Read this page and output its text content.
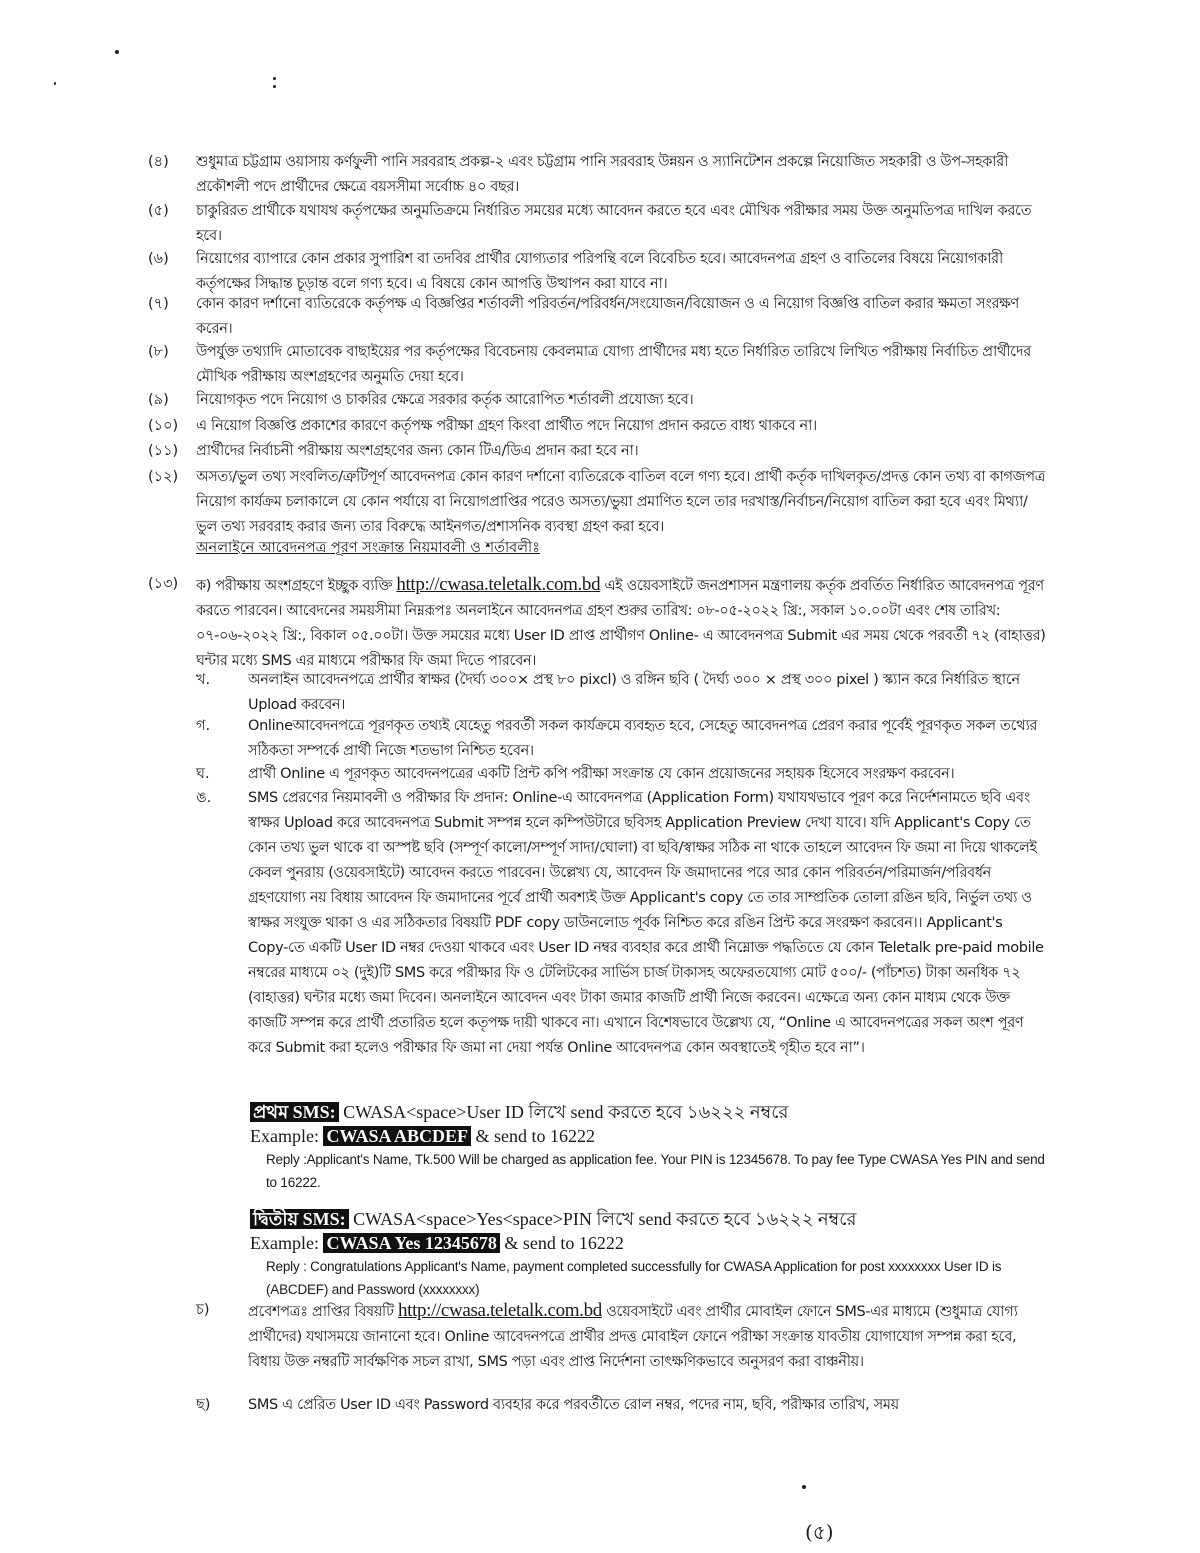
(৪)	শুধুমাত্র চট্টগ্রাম ওয়াসায় কর্ণফুলী পানি সরবরাহ প্রকল্প-২ এবং চট্টগ্রাম পানি সরবরাহ উন্নয়ন ও স্যানিটেশন প্রকল্পে নিয়োজিত সহকারী ও উপ-সহকারী প্রকৌশলী পদে প্রার্থীদের ক্ষেত্রে বয়সসীমা সর্বোচ্চ ৪০ বছর।
(৫)	চাকুরিরত প্রার্থীকে যথাযথ কর্তৃপক্ষের অনুমতিক্রমে নির্ধারিত সময়ের মধ্যে আবেদন করতে হবে এবং মৌখিক পরীক্ষার সময় উক্ত অনুমতিপত্র দাখিল করতে হবে।
(৬)	নিয়োগের ব্যাপারে কোন প্রকার সুপারিশ বা তদবির প্রার্থীর যোগ্যতার পরিপন্থি বলে বিবেচিত হবে। আবেদনপত্র গ্রহণ ও বাতিলের বিষয়ে নিয়োগকারী কর্তৃপক্ষের সিদ্ধান্ত চূড়ান্ত বলে গণ্য হবে। এ বিষয়ে কোন আপত্তি উত্থাপন করা যাবে না।
(৭)	কোন কারণ দর্শানো ব্যতিরেকে কর্তৃপক্ষ এ বিজ্ঞপ্তির শর্তাবলী পরিবর্তন/পরিবর্ধন/সংযোজন/বিয়োজন ও এ নিয়োগ বিজ্ঞপ্তি বাতিল করার ক্ষমতা সংরক্ষণ করেন।
(৮)	উপর্যুক্ত তথ্যাদি মোতাবেক বাছাইয়ের পর কর্তৃপক্ষের বিবেচনায় কেবলমাত্র যোগ্য প্রার্থীদের মধ্য হতে নির্ধারিত তারিখে লিখিত পরীক্ষায় নির্বাচিত প্রার্থীদের মৌখিক পরীক্ষায় অংশগ্রহণের অনুমতি দেয়া হবে।
(৯)	নিয়োগকৃত পদে নিয়োগ ও চাকরির ক্ষেত্রে সরকার কর্তৃক আরোপিত শর্তাবলী প্রযোজ্য হবে।
(১০)	এ নিয়োগ বিজ্ঞপ্তি প্রকাশের কারণে কর্তৃপক্ষ পরীক্ষা গ্রহণ কিংবা প্রার্থীত পদে নিয়োগ প্রদান করতে বাধ্য থাকবে না।
(১১)	প্রার্থীদের নির্বাচনী পরীক্ষায় অংশগ্রহণের জন্য কোন টিএ/ডিএ প্রদান করা হবে না।
(১২)	অসত্য/ভুল তথ্য সংবলিত/ত্রুটিপূর্ণ আবেদনপত্র কোন কারণ দর্শানো ব্যতিরেকে বাতিল বলে গণ্য হবে। প্রার্থী কর্তৃক দাখিলকৃত/প্রদত্ত কোন তথ্য বা কাগজপত্র নিয়োগ কার্যক্রম চলাকালে যে কোন পর্যায়ে বা নিয়োগপ্রাপ্তির পরেও অসত্য/ভুয়া প্রমাণিত হলে তার দরখাস্ত/নির্বাচন/নিয়োগ বাতিল করা হবে এবং মিথ্যা/ভুল তথ্য সরবরাহ করার জন্য তার বিরুদ্ধে আইনগত/প্রশাসনিক ব্যবস্থা গ্রহণ করা হবে।
অনলাইনে আবেদনপত্র পূরণ সংক্রান্ত নিয়মাবলী ও শর্তাবলীঃ
(১৩)	ক) পরীক্ষায় অংশগ্রহণে ইচ্ছুক ব্যক্তি http://cwasa.teletalk.com.bd এই ওয়েবসাইটে জনপ্রশাসন মন্ত্রণালয় কর্তৃক প্রবর্তিত নির্ধারিত আবেদনপত্র পূরণ করতে পারবেন। আবেদনের সময়সীমা নিম্নরূপঃ অনলাইনে আবেদনপত্র গ্রহণ শুরুর তারিখ: ০৮-০৫-২০২২ খ্রি:, সকাল ১০.০০টা এবং শেষ তারিখ: ০৭-০৬-২০২২ খ্রি:, বিকাল ০৫.০০টা। উক্ত সময়ের মধ্যে User ID প্রাপ্ত প্রার্থীগণ Online- এ আবেদনপত্র Submit এর সময় থেকে পরবর্তী ৭২ (বাহাত্তর) ঘন্টার মধ্যে SMS এর মাধ্যমে পরীক্ষার ফি জমা দিতে পারবেন।
খ.	অনলাইন আবেদনপত্রে প্রার্থীর স্বাক্ষর (দৈর্ঘ্য ৩০০× প্রস্থ ৮০ pixcl) ও রঙ্গিন ছবি ( দৈর্ঘ্য ৩০০ × প্রস্থ ৩০০ pixel ) স্ক্যান করে নির্ধারিত স্থানে Upload করবেন।
গ.	Onlineআবেদনপত্রে পূরণকৃত তথ্যই যেহেতু পরবর্তী সকল কার্যক্রমে ব্যবহৃত হবে, সেহেতু আবেদনপত্র প্রেরণ করার পূর্বেই পূরণকৃত সকল তথ্যের সঠিকতা সম্পর্কে প্রার্থী নিজে শতভাগ নিশ্চিত হবেন।
ঘ.	প্রার্থী Online এ পূরণকৃত আবেদনপত্রের একটি প্রিন্ট কপি পরীক্ষা সংক্রান্ত যে কোন প্রয়োজনের সহায়ক হিসেবে সংরক্ষণ করবেন।
ঙ.	SMS প্রেরণের নিয়মাবলী ও পরীক্ষার ফি প্রদান: Online-এ আবেদনপত্র (Application Form) যথাযথভাবে পূরণ করে নির্দেশনামতে ছবি এবং স্বাক্ষর Upload করে আবেদনপত্র Submit সম্পন্ন হলে কম্পিউটারে ছবিসহ Application Preview দেখা যাবে। যদি Applicant's Copy তে কোন তথ্য ভুল থাকে বা অস্পষ্ট ছবি (সম্পূর্ণ কালো/সম্পূর্ণ সাদা/ঘোলা) বা ছবি/স্বাক্ষর সঠিক না থাকে তাহলে আবেদন ফি জমা না দিয়ে থাকলেই কেবল পুনরায় (ওয়েবসাইটে) আবেদন করতে পারবেন। উল্লেখ্য যে, আবেদন ফি জমাদানের পরে আর কোন পরিবর্তন/পরিমার্জন/পরিবর্ধন গ্রহণযোগ্য নয় বিধায় আবেদন ফি জমাদানের পূর্বে প্রার্থী অবশ্যই উক্ত Applicant's copy তে তার সাম্প্রতিক তোলা রঙিন ছবি, নির্ভুল তথ্য ও স্বাক্ষর সংযুক্ত থাকা ও এর সঠিকতার বিষয়টি PDF copy ডাউনলোড পূর্বক নিশ্চিত করে রঙিন প্রিন্ট করে সংরক্ষণ করবেন।। Applicant's Copy-তে একটি User ID নম্বর দেওয়া থাকবে এবং User ID নম্বর ব্যবহার করে প্রার্থী নিম্নোক্ত পদ্ধতিতে যে কোন Teletalk pre-paid mobile নম্বরের মাধ্যমে ০২ (দুই)টি SMS করে পরীক্ষার ফি ও টেলিটকের সার্ভিস চার্জ টাকাসহ অফেরতযোগ্য মোট ৫০০/- (পাঁচশত) টাকা অনধিক ৭২ (বাহাত্তর) ঘন্টার মধ্যে জমা দিবেন। অনলাইনে আবেদন এবং টাকা জমার কাজটি প্রার্থী নিজে করবেন। এক্ষেত্রে অন্য কোন মাধ্যম থেকে উক্ত কাজটি সম্পন্ন করে প্রার্থী প্রতারিত হলে কতৃপক্ষ দায়ী থাকবে না। এখানে বিশেষভাবে উল্লেখ্য যে, “Online এ আবেদনপত্রের সকল অংশ পূরণ করে Submit করা হলেও পরীক্ষার ফি জমা না দেয়া পর্যন্ত Online আবেদনপত্র কোন অবস্থাতেই গৃহীত হবে না”।
প্রথম SMS: CWASA<space>User ID লিখে send করতে হবে ১৬২২২ নম্বরে
Example: CWASA ABCDEF & send to 16222
Reply :Applicant's Name, Tk.500 Will be charged as application fee. Your PIN is 12345678. To pay fee Type CWASA Yes PIN and send to 16222.
দ্বিতীয় SMS: CWASA<space>Yes<space>PIN লিখে send করতে হবে ১৬২২২ নম্বরে
Example: CWASA Yes 12345678 & send to 16222
Reply : Congratulations Applicant's Name, payment completed successfully for CWASA Application for post xxxxxxxx User ID is (ABCDEF) and Password (xxxxxxxx)
চ)	প্রবেশপত্রঃ প্রাপ্তির বিষয়টি http://cwasa.teletalk.com.bd ওয়েবসাইটে এবং প্রার্থীর মোবাইল ফোনে SMS-এর মাধ্যমে (শুধুমাত্র যোগ্য প্রার্থীদের) যথাসময়ে জানানো হবে। Online আবেদনপত্রে প্রার্থীর প্রদত্ত মোবাইল ফোনে পরীক্ষা সংক্রান্ত যাবতীয় যোগাযোগ সম্পন্ন করা হবে, বিধায় উক্ত নম্বরটি সার্বক্ষণিক সচল রাখা, SMS পড়া এবং প্রাপ্ত নির্দেশনা তাৎক্ষণিকভাবে অনুসরণ করা বাঞ্চনীয়।
ছ)	SMS এ প্রেরিত User ID এবং Password ব্যবহার করে পরবর্তীতে রোল নম্বর, পদের নাম, ছবি, পরীক্ষার তারিখ, সময়
(৫)
